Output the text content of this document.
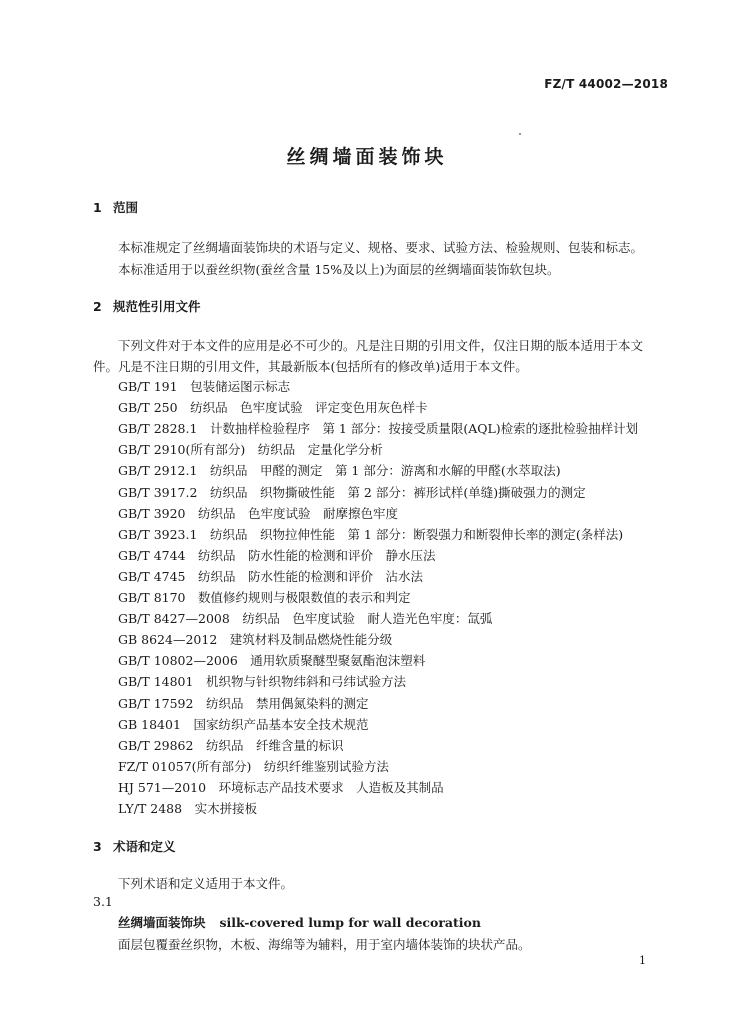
FZ/T 44002—2018
丝绸墙面装饰块
1 范围
本标准规定了丝绸墙面装饰块的术语与定义、规格、要求、试验方法、检验规则、包装和标志。
本标准适用于以蚕丝织物(蚕丝含量 15%及以上)为面层的丝绸墙面装饰软包块。
2 规范性引用文件
下列文件对于本文件的应用是必不可少的。凡是注日期的引用文件，仅注日期的版本适用于本文
件。凡是不注日期的引用文件，其最新版本(包括所有的修改单)适用于本文件。
GB/T 191　 包装储运图示标志
GB/T 250　 纺织品　色牢度试验　评定变色用灰色样卡
GB/T 2828.1　 计数抽样检验程序　第 1 部分：按接受质量限(AQL)检索的逐批检验抽样计划
GB/T 2910(所有部分)　 纺织品　定量化学分析
GB/T 2912.1　 纺织品　甲醛的测定　第 1 部分：游离和水解的甲醛(水萃取法)
GB/T 3917.2　 纺织品　织物撕破性能　第 2 部分：裤形试样(单缝)撕破强力的测定
GB/T 3920　 纺织品　色牢度试验　耐摩擦色牢度
GB/T 3923.1　 纺织品　织物拉伸性能　第 1 部分：断裂强力和断裂伸长率的测定(条样法)
GB/T 4744　 纺织品　防水性能的检测和评价　静水压法
GB/T 4745　 纺织品　防水性能的检测和评价　沾水法
GB/T 8170　 数值修约规则与极限数值的表示和判定
GB/T 8427—2008　 纺织品　色牢度试验　耐人造光色牢度：氙弧
GB 8624—2012　 建筑材料及制品燃烧性能分级
GB/T 10802—2006　 通用软质聚醚型聚氨酯泡沫塑料
GB/T 14801　 机织物与针织物纬斜和弓纬试验方法
GB/T 17592　 纺织品　禁用偶氮染料的测定
GB 18401　 国家纺织产品基本安全技术规范
GB/T 29862　 纺织品　纤维含量的标识
FZ/T 01057(所有部分)　 纺织纤维鉴别试验方法
HJ 571—2010　 环境标志产品技术要求　人造板及其制品
LY/T 2488　 实木拼接板
3 术语和定义
下列术语和定义适用于本文件。
3.1
丝绸墙面装饰块 silk-covered lump for wall decoration
面层包覆蚕丝织物，木板、海绵等为辅料，用于室内墙体装饰的块状产品。
1
